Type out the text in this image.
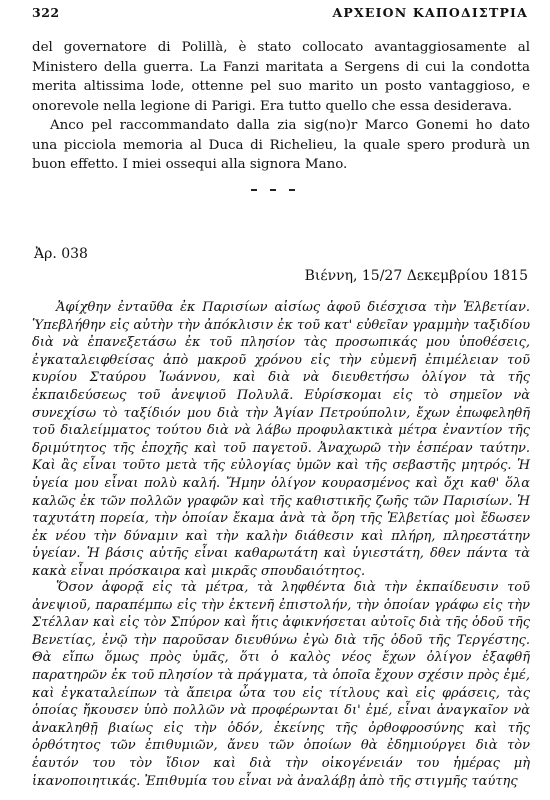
322	ΑΡΧΕΙΟΝ ΚΑΠΟΔΙΣΤΡΙΑ

del governatore di Polillà, è stato collocato avantaggiosamente al Ministero della guerra. La Fanzi maritata a Sergens di cui la condotta merita altissima lode, ottenne pel suo marito un posto vantaggioso, e onorevole nella legione di Parigi. Era tutto quello che essa desiderava.

Anco pel raccommandato dalla zia sig(no)r Marco Gonemi ho dato una picciola memoria al Duca di Richelieu, la quale spero produrà un buon effetto. I miei ossequi alla signora Mano.

Ἀρ. 038
Βιέννη, 15/27 Δεκεμβρίου 1815

Ἀφίχθην ἐνταῦθα ἐκ Παρισίων αἰσίως ἀφοῦ διέσχισα τὴν Ἑλβετίαν. Ὑπεβλήθην εἰς αὐτὴν τὴν ἀπόκλισιν ἐκ τοῦ κατ' εὐθεῖαν γραμμὴν ταξιδίου διὰ νὰ ἐπανεξετάσω ἐκ τοῦ πλησίον τὰς προσωπικάς μου ὑποθέσεις, ἐγκαταλειφθείσας ἀπὸ μακροῦ χρόνου εἰς τὴν εὐμενῆ ἐπιμέλειαν τοῦ κυρίου Σταύρου Ἰωάννου, καὶ διὰ νὰ διευθετήσω ὀλίγον τὰ τῆς ἐκπαιδεύσεως τοῦ ἀνεψιοῦ Πολυλᾶ. Εὑρίσκομαι εἰς τὸ σημεῖον νὰ συνεχίσω τὸ ταξίδιόν μου διὰ τὴν Ἁγίαν Πετρούπολιν, ἔχων ἐπωφεληθῆ τοῦ διαλείμματος τούτου διὰ νὰ λάβω προφυλακτικὰ μέτρα ἐναντίον τῆς δριμύτητος τῆς ἐποχῆς καὶ τοῦ παγετοῦ. Ἀναχωρῶ τὴν ἑσπέραν ταύτην. Καὶ ἂς εἶναι τοῦτο μετὰ τῆς εὐλογίας ὑμῶν καὶ τῆς σεβαστῆς μητρός. Ἡ ὑγεία μου εἶναι πολὺ καλή. Ἤμην ὀλίγον κουρασμένος καὶ ὄχι καθ' ὅλα καλῶς ἐκ τῶν πολλῶν γραφῶν καὶ τῆς καθιστικῆς ζωῆς τῶν Παρισίων. Ἡ ταχυτάτη πορεία, τὴν ὁποίαν ἔκαμα ἀνὰ τὰ ὄρη τῆς Ἑλβετίας μοὶ ἔδωσεν ἐκ νέου τὴν δύναμιν καὶ τὴν καλὴν διάθεσιν καὶ πλήρη, πληρεστάτην ὑγείαν. Ἡ βάσις αὐτῆς εἶναι καθαρωτάτη καὶ ὑγιεστάτη, δθεν πάντα τὰ κακὰ εἶναι πρόσκαιρα καὶ μικρᾶς σπουδαιότητος.

Ὅσον ἀφορᾷ εἰς τὰ μέτρα, τὰ ληφθέντα διὰ τὴν ἐκπαίδευσιν τοῦ ἀνεψιοῦ, παραπέμπω εἰς τὴν ἐκτενῆ ἐπιστολήν, τὴν ὁποίαν γράφω εἰς τὴν Στέλλαν καὶ εἰς τὸν Σπύρον καὶ ἥτις ἀφικνήσεται αὐτοῖς διὰ τῆς ὁδοῦ τῆς Βενετίας, ἐνῷ τὴν παροῦσαν διευθύνω ἐγὼ διὰ τῆς ὁδοῦ τῆς Τεργέστης. Θὰ εἴπω ὅμως πρὸς ὑμᾶς, ὅτι ὁ καλὸς νέος ἔχων ὀλίγον ἐξαφθῆ παρατηρῶν ἐκ τοῦ πλησίον τὰ πράγματα, τὰ ὁποῖα ἔχουν σχέσιν πρὸς ἐμέ, καὶ ἐγκαταλείπων τὰ ἄπειρα ὦτα του εἰς τίτλους καὶ εἰς φράσεις, τὰς ὁποίας ἤκουσεν ὑπὸ πολλῶν νὰ προφέρωνται δι' ἐμέ, εἶναι ἀναγκαῖον νὰ ἀνακληθῇ βιαίως εἰς τὴν ὁδόν, ἐκείνης τῆς ὀρθοφροσύνης καὶ τῆς ὀρθότητος τῶν ἐπιθυμιῶν, ἄνευ τῶν ὁποίων θὰ ἐδημιούργει διὰ τὸν ἑαυτόν του τὸν ἴδιον καὶ διὰ τὴν οἰκογένειάν του ἡμέρας μὴ ἱκανοποιητικάς. Ἐπιθυμία του εἶναι νὰ ἀναλάβῃ ἀπὸ τῆς στιγμῆς ταύτης
